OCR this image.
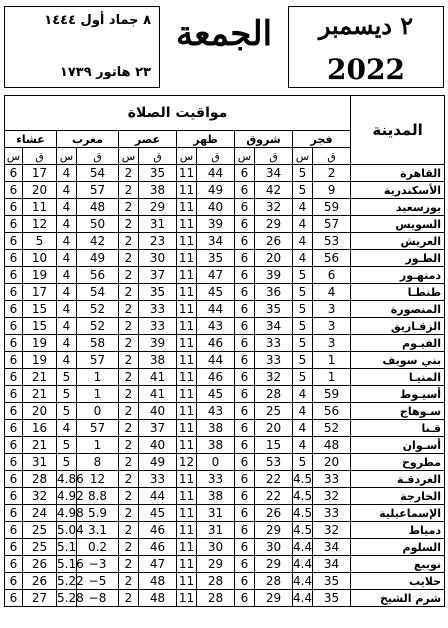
٨ جماد أول ١٤٤٤
٢٣ هاتور ١٧٣٩
الجمعة	٢ ديسمبر
2022
مواقيت الصلاة												المدينة
عشاء		مغرب		عصر		ظهر		شروق		فجر		
س	ق	س	ق	س	ق	س	ق	س	ق	س	ق	
6	17	4	54	2	35	11	44	6	34	5	2	القاهرة
6	20	4	57	2	38	11	49	6	42	5	9	الأسكندرية
6	11	4	48	2	29	11	40	6	32	4	59	بورسعيد
6	12	4	50	2	31	11	39	6	29	4	57	السويس
6	5	4	42	2	23	11	34	6	26	4	53	العريش
6	10	4	49	2	30	11	35	6	20	4	56	الطـور
6	19	4	56	2	37	11	47	6	39	5	6	دمنهـور
6	17	4	54	2	35	11	45	6	36	5	4	طنطـا
6	15	4	52	2	33	11	44	6	35	5	3	المنصورة
6	15	4	52	2	33	11	43	6	34	5	3	الزقـازيق
6	19	4	58	2	39	11	46	6	33	5	3	الفيـوم
6	19	4	57	2	38	11	44	6	33	5	1	بني سويف
6	21	5	1	2	41	11	46	6	32	5	1	المنيـا
6	21	5	1	2	41	11	45	6	28	4	59	أسيـوط
6	20	5	0	2	40	11	43	6	25	4	56	سـوهاج
6	16	4	57	2	37	11	38	6	20	4	52	قـنا
6	21	5	1	2	40	11	38	6	15	4	48	أسـوان
6	31	5	8	2	49	12	0	6	53	5	20	مطروح
6	28	4.86	12	2	33	11	33	6	22	4.5	33	الغردقـة
6	32	4.92	8.8	2	44	11	38	6	22	4.5	32	الخارجة
6	24	4.98	5.9	2	45	11	31	6	26	4.5	33	الإسماعيلية
6	25	5.04	3.1	2	46	11	31	6	29	4.5	32	دمياط
6	25	5.1	0.2	2	46	11	30	6	30	4.4	34	السلوم
6	26	5.16	−3	2	47	11	29	6	29	4.4	34	نويبع
6	26	5.22	−5	2	48	11	28	6	28	4.4	35	حلايب
6	27	5.28	−8	2	48	11	28	6	29	4.4	35	شرم الشيخ
